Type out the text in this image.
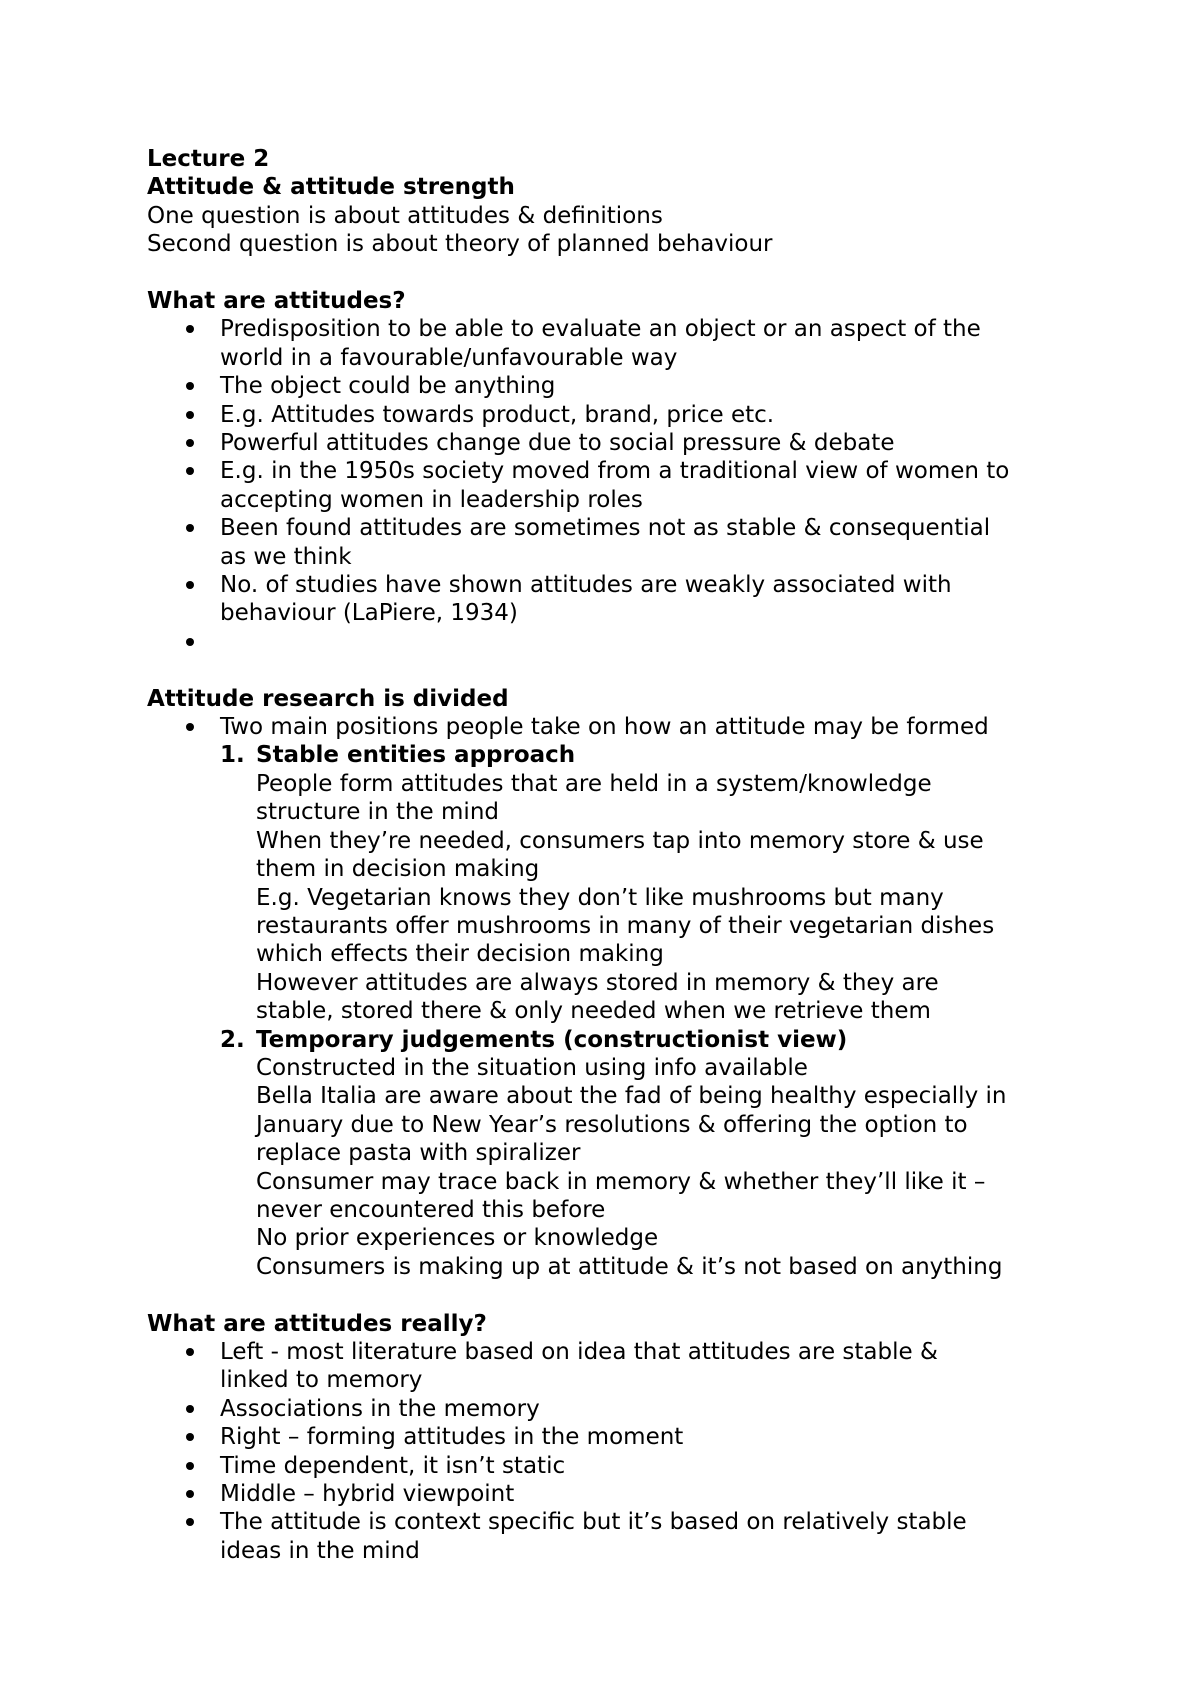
Lecture 2
Attitude & attitude strength
One question is about attitudes & definitions
Second question is about theory of planned behaviour
What are attitudes?
Predisposition to be able to evaluate an object or an aspect of the
world in a favourable/unfavourable way
The object could be anything
E.g. Attitudes towards product, brand, price etc.
Powerful attitudes change due to social pressure & debate
E.g. in the 1950s society moved from a traditional view of women to
accepting women in leadership roles
Been found attitudes are sometimes not as stable & consequential
as we think
No. of studies have shown attitudes are weakly associated with
behaviour (LaPiere, 1934)
Attitude research is divided
Two main positions people take on how an attitude may be formed
1. Stable entities approach
People form attitudes that are held in a system/knowledge
structure in the mind
When they’re needed, consumers tap into memory store & use
them in decision making
E.g. Vegetarian knows they don’t like mushrooms but many
restaurants offer mushrooms in many of their vegetarian dishes
which effects their decision making
However attitudes are always stored in memory & they are
stable, stored there & only needed when we retrieve them
2. Temporary judgements (constructionist view)
Constructed in the situation using info available
Bella Italia are aware about the fad of being healthy especially in
January due to New Year’s resolutions & offering the option to
replace pasta with spiralizer
Consumer may trace back in memory & whether they’ll like it –
never encountered this before
No prior experiences or knowledge
Consumers is making up at attitude & it’s not based on anything
What are attitudes really?
Left - most literature based on idea that attitudes are stable &
linked to memory
Associations in the memory
Right – forming attitudes in the moment
Time dependent, it isn’t static
Middle – hybrid viewpoint
The attitude is context specific but it’s based on relatively stable
ideas in the mind
